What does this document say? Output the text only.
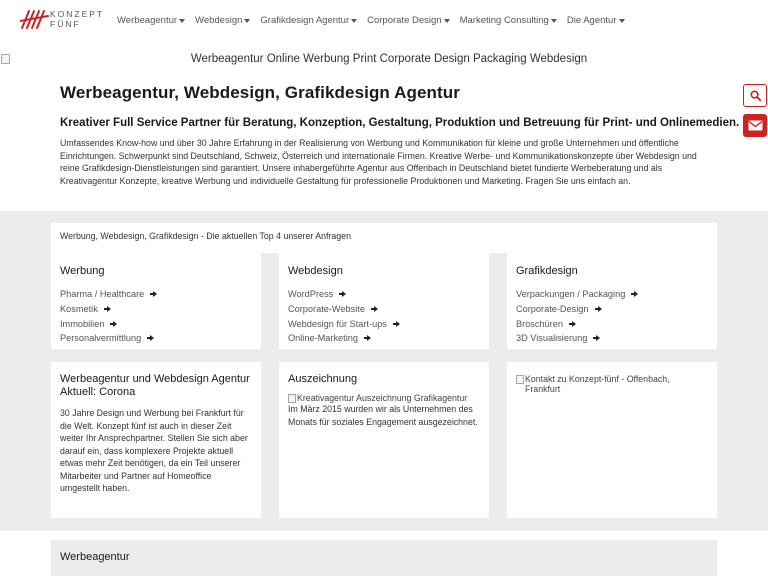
KONZEPT
FÜNF	Werbeagentur Webdesign Grafikdesign Agentur Corporate Design Marketing Consulting Die Agentur
Werbeagentur Online Werbung Print Corporate Design Packaging Webdesign
Werbeagentur, Webdesign, Grafikdesign Agentur
Kreativer Full Service Partner für Beratung, Konzeption, Gestaltung, Produktion und Betreuung für Print- und Onlinemedien.

Umfassendes Know-how und über 30 Jahre Erfahrung in der Realisierung von Werbung und Kommunikation für kleine und große Unternehmen und öffentliche Einrichtungen. Schwerpunkt sind Deutschland, Schweiz, Österreich und internationale Firmen. Kreative Werbe- und Kommunikationskonzepte über Webdesign und reine Grafikdesign-Dienstleistungen sind garantiert. Unsere inhabergeführte Agentur aus Offenbach in Deutschland bietet fundierte Werbeberatung und als Kreativagentur Konzepte, kreative Werbung und individuelle Gestaltung für professionelle Produktionen und Marketing. Fragen Sie uns einfach an.

Werbung, Webdesign, Grafikdesign - Die aktuellen Top 4 unserer Anfragen
Werbung
Pharma / Healthcare
Kosmetik
Immobilien
Personalvermittlung
Webdesign
WordPress
Corporate-Website
Webdesign für Start-ups
Online-Marketing
Grafikdesign
Verpackungen / Packaging
Corporate-Design
Broschüren
3D Visualisierung
Werbeagentur und Webdesign Agentur Aktuell: Corona

30 Jahre Design und Werbung bei Frankfurt für die Welt. Konzept fünf ist auch in dieser Zeit weiter Ihr Ansprechpartner. Stellen Sie sich aber darauf ein, dass komplexere Projekte aktuell etwas mehr Zeit benötigen, da ein Teil unserer Mitarbeiter und Partner auf Homeoffice umgestellt haben.

Auszeichnung
Kreativagentur Auszeichnung Grafikagentur

Im März 2015 wurden wir als Unternehmen des Monats für soziales Engagement ausgezeichnet.

Kontakt zu Konzept-fünf - Offenbach, Frankfurt
Werbeagentur
